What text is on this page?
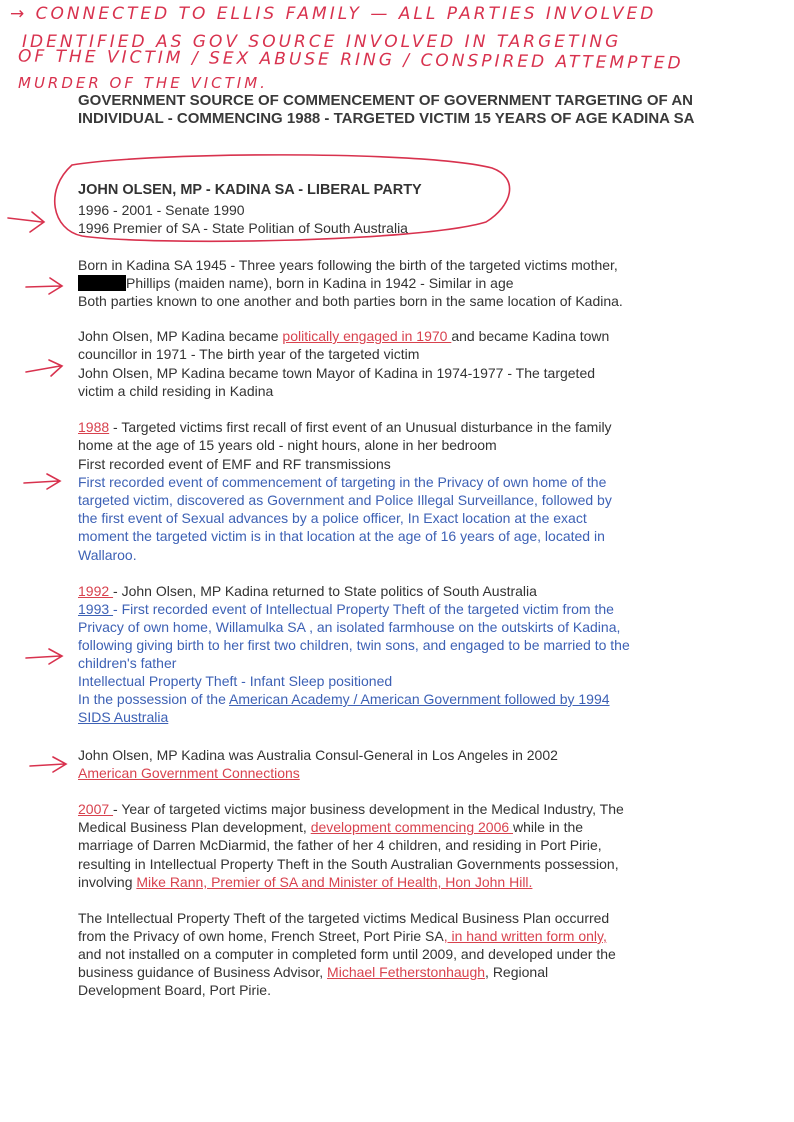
→ CONNECTED TO ELLIS FAMILY — ALL PARTIES INVOLVED
IDENTIFIED AS GOV SOURCE INVOLVED IN TARGETING
OF THE VICTIM / SEX ABUSE RING / CONSPIRED ATTEMPTED
MURDER OF THE VICTIM.
GOVERNMENT SOURCE OF COMMENCEMENT OF GOVERNMENT TARGETING OF AN INDIVIDUAL - COMMENCING 1988 - TARGETED VICTIM 15 YEARS OF AGE KADINA SA
JOHN OLSEN, MP - KADINA SA - LIBERAL PARTY
1996 - 2001 - Senate 1990
1996 Premier of SA - State Politian of South Australia
Born in Kadina SA 1945 - Three years following the birth of the targeted victims mother,
Phillips (maiden name), born in Kadina in 1942 - Similar in age
Both parties known to one another and both parties born in the same location of Kadina.
John Olsen, MP Kadina became politically engaged in 1970 and became Kadina town
councillor in 1971 - The birth year of the targeted victim
John Olsen, MP Kadina became town Mayor of Kadina in 1974-1977 - The targeted
victim a child residing in Kadina
1988 - Targeted victims first recall of first event of an Unusual disturbance in the family
home at the age of 15 years old - night hours, alone in her bedroom
First recorded event of EMF and RF transmissions
First recorded event of commencement of targeting in the Privacy of own home of the
targeted victim, discovered as Government and Police Illegal Surveillance, followed by
the first event of Sexual advances by a police officer, In Exact location at the exact
moment the targeted victim is in that location at the age of 16 years of age, located in
Wallaroo.
1992 - John Olsen, MP Kadina returned to State politics of South Australia
1993 - First recorded event of Intellectual Property Theft of the targeted victim from the
Privacy of own home, Willamulka SA , an isolated farmhouse on the outskirts of Kadina,
following giving birth to her first two children, twin sons, and engaged to be married to the
children's father
Intellectual Property Theft - Infant Sleep positioned
In the possession of the American Academy / American Government followed by 1994
SIDS Australia
John Olsen, MP Kadina was Australia Consul-General in Los Angeles in 2002
American Government Connections
2007 - Year of targeted victims major business development in the Medical Industry, The
Medical Business Plan development, development commencing 2006 while in the
marriage of Darren McDiarmid, the father of her 4 children, and residing in Port Pirie,
resulting in Intellectual Property Theft in the South Australian Governments possession,
involving Mike Rann, Premier of SA and Minister of Health, Hon John Hill.
The Intellectual Property Theft of the targeted victims Medical Business Plan occurred
from the Privacy of own home, French Street, Port Pirie SA, in hand written form only,
and not installed on a computer in completed form until 2009, and developed under the
business guidance of Business Advisor, Michael Fetherstonhaugh, Regional
Development Board, Port Pirie.
